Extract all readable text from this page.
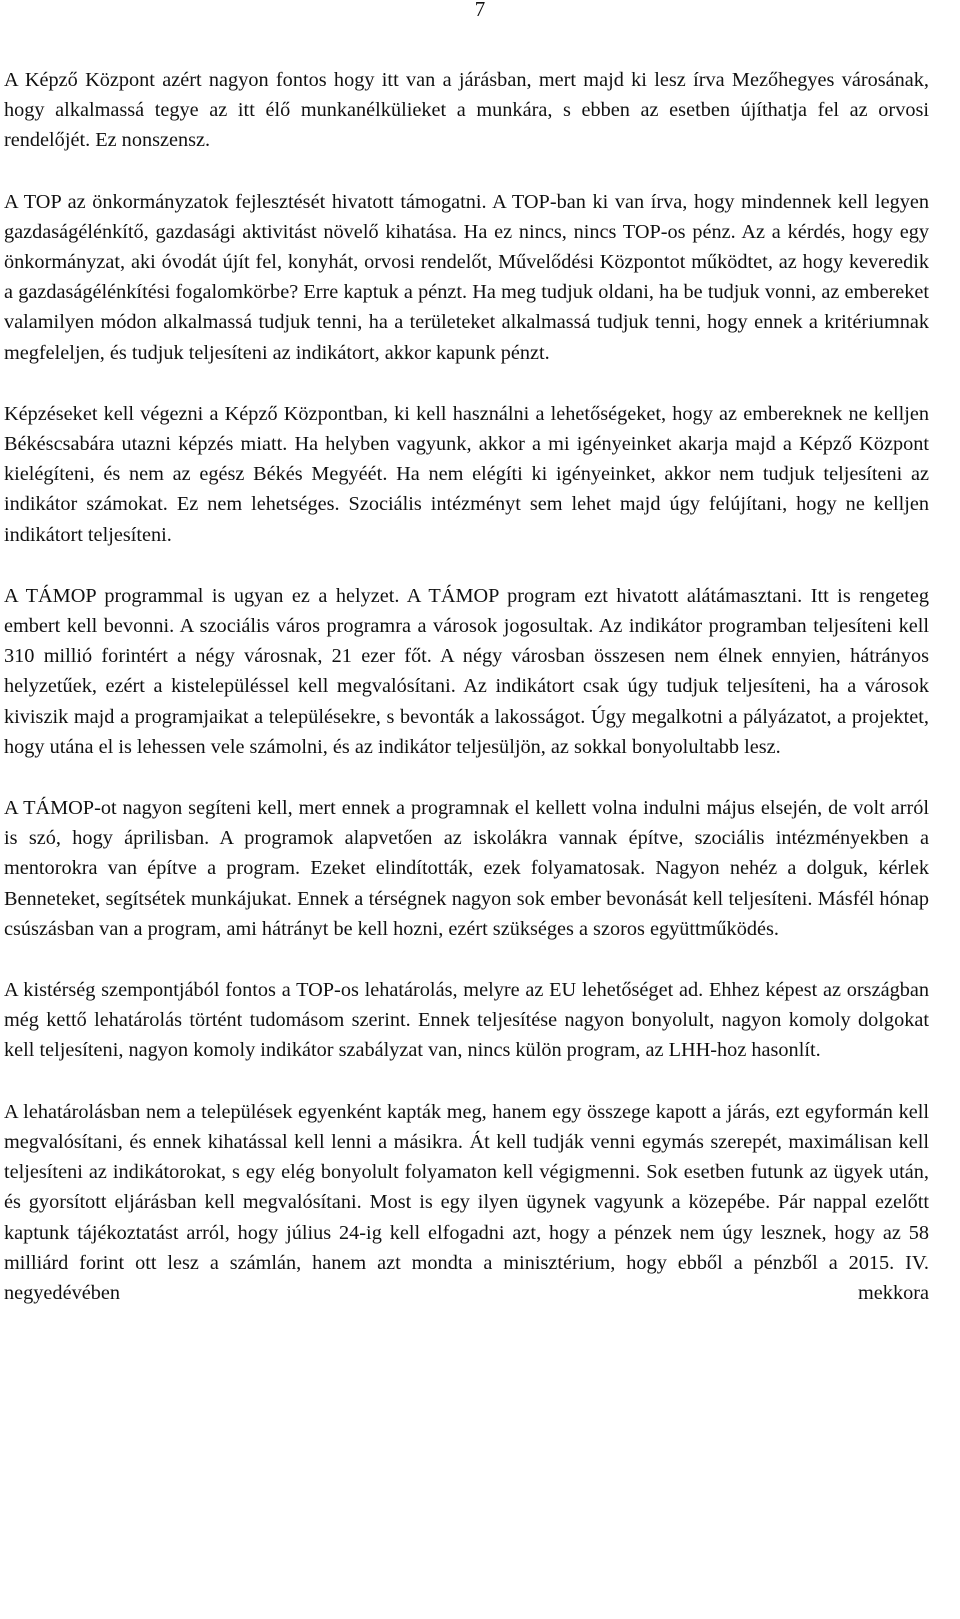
7

A Képző Központ azért nagyon fontos hogy itt van a járásban, mert majd ki lesz írva Mezőhegyes városának, hogy alkalmassá tegye az itt élő munkanélkülieket a munkára, s ebben az esetben újíthatja fel az orvosi rendelőjét. Ez nonszensz.

A TOP az önkormányzatok fejlesztését hivatott támogatni. A TOP-ban ki van írva, hogy mindennek kell legyen gazdaságélénkítő, gazdasági aktivitást növelő kihatása. Ha ez nincs, nincs TOP-os pénz. Az a kérdés, hogy egy önkormányzat, aki óvodát újít fel, konyhát, orvosi rendelőt, Művelődési Központot működtet, az hogy keveredik a gazdaságélénkítési fogalomkörbe? Erre kaptuk a pénzt. Ha meg tudjuk oldani, ha be tudjuk vonni, az embereket valamilyen módon alkalmassá tudjuk tenni, ha a területeket alkalmassá tudjuk tenni, hogy ennek a kritériumnak megfeleljen, és tudjuk teljesíteni az indikátort, akkor kapunk pénzt.

Képzéseket kell végezni a Képző Központban, ki kell használni a lehetőségeket, hogy az embereknek ne kelljen Békéscsabára utazni képzés miatt. Ha helyben vagyunk, akkor a mi igényeinket akarja majd a Képző Központ kielégíteni, és nem az egész Békés Megyéét. Ha nem elégíti ki igényeinket, akkor nem tudjuk teljesíteni az indikátor számokat. Ez nem lehetséges. Szociális intézményt sem lehet majd úgy felújítani, hogy ne kelljen indikátort teljesíteni.

A TÁMOP programmal is ugyan ez a helyzet. A TÁMOP program ezt hivatott alátámasztani. Itt is rengeteg embert kell bevonni. A szociális város programra a városok jogosultak. Az indikátor programban teljesíteni kell 310 millió forintért a négy városnak, 21 ezer főt. A négy városban összesen nem élnek ennyien, hátrányos helyzetűek, ezért a kistelepüléssel kell megvalósítani. Az indikátort csak úgy tudjuk teljesíteni, ha a városok kiviszik majd a programjaikat a településekre, s bevonták a lakosságot. Úgy megalkotni a pályázatot, a projektet, hogy utána el is lehessen vele számolni, és az indikátor teljesüljön, az sokkal bonyolultabb lesz.

A TÁMOP-ot nagyon segíteni kell, mert ennek a programnak el kellett volna indulni május elsején, de volt arról is szó, hogy áprilisban. A programok alapvetően az iskolákra vannak építve, szociális intézményekben a mentorokra van építve a program. Ezeket elindították, ezek folyamatosak. Nagyon nehéz a dolguk, kérlek Benneteket, segítsétek munkájukat. Ennek a térségnek nagyon sok ember bevonását kell teljesíteni. Másfél hónap csúszásban van a program, ami hátrányt be kell hozni, ezért szükséges a szoros együttműködés.

A kistérség szempontjából fontos a TOP-os lehatárolás, melyre az EU lehetőséget ad. Ehhez képest az országban még kettő lehatárolás történt tudomásom szerint. Ennek teljesítése nagyon bonyolult, nagyon komoly dolgokat kell teljesíteni, nagyon komoly indikátor szabályzat van, nincs külön program, az LHH-hoz hasonlít.

A lehatárolásban nem a települések egyenként kapták meg, hanem egy összege kapott a járás, ezt egyformán kell megvalósítani, és ennek kihatással kell lenni a másikra. Át kell tudják venni egymás szerepét, maximálisan kell teljesíteni az indikátorokat, s egy elég bonyolult folyamaton kell végigmenni. Sok esetben futunk az ügyek után, és gyorsított eljárásban kell megvalósítani. Most is egy ilyen ügynek vagyunk a közepébe. Pár nappal ezelőtt kaptunk tájékoztatást arról, hogy július 24-ig kell elfogadni azt, hogy a pénzek nem úgy lesznek, hogy az 58 milliárd forint ott lesz a számlán, hanem azt mondta a minisztérium, hogy ebből a pénzből a 2015. IV. negyedévében mekkora
